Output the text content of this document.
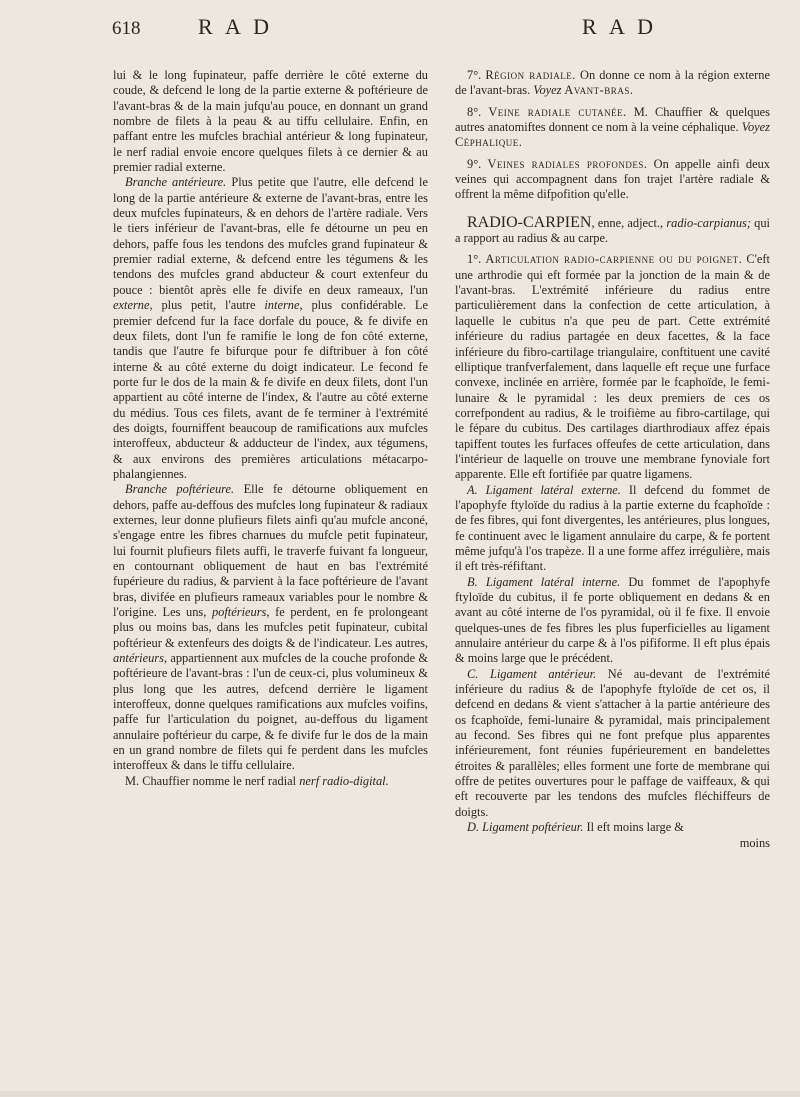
618	R A D	R A D

lui & le long fupinateur, paffe derrière le côté externe du coude, & defcend le long de la partie externe & poftérieure de l'avant-bras & de la main jufqu'au pouce, en donnant un grand nombre de filets à la peau & au tiffu cellulaire. Enfin, en paffant entre les mufcles brachial antérieur & long fupinateur, le nerf radial envoie encore quelques filets à ce dernier & au premier radial externe.

Branche antérieure. Plus petite que l'autre, elle defcend le long de la partie antérieure & externe de l'avant-bras, entre les deux mufcles fupinateurs, & en dehors de l'artère radiale. Vers le tiers inférieur de l'avant-bras, elle fe détourne un peu en dehors, paffe fous les tendons des mufcles grand fupinateur & premier radial externe, & defcend entre les tégumens & les tendons des mufcles grand abducteur & court extenfeur du pouce : bientôt après elle fe divife en deux rameaux, l'un externe, plus petit, l'autre interne, plus confidérable. Le premier defcend fur la face dorfale du pouce, & fe divife en deux filets, dont l'un fe ramifie le long de fon côté externe, tandis que l'autre fe bifurque pour fe diftribuer à fon côté interne & au côté externe du doigt indicateur. Le fecond fe porte fur le dos de la main & fe divife en deux filets, dont l'un appartient au côté interne de l'index, & l'autre au côté externe du médius. Tous ces filets, avant de fe terminer à l'extrémité des doigts, fourniffent beaucoup de ramifications aux mufcles interoffeux, abducteur & adducteur de l'index, aux tégumens, & aux environs des premières articulations métacarpo-phalangiennes.

Branche poftérieure. Elle fe détourne obliquement en dehors, paffe au-deffous des mufcles long fupinateur & radiaux externes, leur donne plufieurs filets ainfi qu'au mufcle anconé, s'engage entre les fibres charnues du mufcle petit fupinateur, lui fournit plufieurs filets auffi, le traverfe fuivant fa longueur, en contournant obliquement de haut en bas l'extrémité fupérieure du radius, & parvient à la face poftérieure de l'avant bras, divifée en plufieurs rameaux variables pour le nombre & l'origine. Les uns, poftérieurs, fe perdent, en fe prolongeant plus ou moins bas, dans les mufcles petit fupinateur, cubital poftérieur & extenfeurs des doigts & de l'indicateur. Les autres, antérieurs, appartiennent aux mufcles de la couche profonde & poftérieure de l'avant-bras : l'un de ceux-ci, plus volumineux & plus long que les autres, defcend derrière le ligament interoffeux, donne quelques ramifications aux mufcles voifins, paffe fur l'articulation du poignet, au-deffous du ligament annulaire poftérieur du carpe, & fe divife fur le dos de la main en un grand nombre de filets qui fe perdent dans les mufcles interoffeux & dans le tiffu cellulaire.

M. Chauffier nomme le nerf radial nerf radio-digital.

7°. Région radiale. On donne ce nom à la région externe de l'avant-bras. Voyez Avant-bras.

8°. Veine radiale cutanée. M. Chauffier & quelques autres anatomiftes donnent ce nom à la veine céphalique. Voyez Céphalique.

9°. Veines radiales profondes. On appelle ainfi deux veines qui accompagnent dans fon trajet l'artère radiale & offrent la même difpofition qu'elle.

RADIO-CARPIEN, enne, adject., radio-carpianus; qui a rapport au radius & au carpe.

1°. Articulation radio-carpienne ou du poignet. C'eft une arthrodie qui eft formée par la jonction de la main & de l'avant-bras. L'extrémité inférieure du radius entre particulièrement dans la confection de cette articulation, à laquelle le cubitus n'a que peu de part. Cette extrémité inférieure du radius partagée en deux facettes, & la face inférieure du fibro-cartilage triangulaire, conftituent une cavité elliptique tranfverfalement, dans laquelle eft reçue une furface convexe, inclinée en arrière, formée par le fcaphoïde, le femi-lunaire & le pyramidal : les deux premiers de ces os correfpondent au radius, & le troifième au fibro-cartilage, qui le fépare du cubitus. Des cartilages diarthrodiaux affez épais tapiffent toutes les furfaces offeufes de cette articulation, dans l'intérieur de laquelle on trouve une membrane fynoviale fort apparente. Elle eft fortifiée par quatre ligamens.

A. Ligament latéral externe. Il defcend du fommet de l'apophyfe ftyloïde du radius à la partie externe du fcaphoïde : de fes fibres, qui font divergentes, les antérieures, plus longues, fe continuent avec le ligament annulaire du carpe, & fe portent même jufqu'à l'os trapèze. Il a une forme affez irrégulière, mais il eft très-réfiftant.

B. Ligament latéral interne. Du fommet de l'apophyfe ftyloïde du cubitus, il fe porte obliquement en dedans & en avant au côté interne de l'os pyramidal, où il fe fixe. Il envoie quelques-unes de fes fibres les plus fuperficielles au ligament annulaire antérieur du carpe & à l'os pififorme. Il eft plus épais & moins large que le précédent.

C. Ligament antérieur. Né au-devant de l'extrémité inférieure du radius & de l'apophyfe ftyloïde de cet os, il defcend en dedans & vient s'attacher à la partie antérieure des os fcaphoïde, femi-lunaire & pyramidal, mais principalement au fecond. Ses fibres qui ne font prefque plus apparentes inférieurement, font réunies fupérieurement en bandelettes étroites & parallèles; elles forment une forte de membrane qui offre de petites ouvertures pour le paffage de vaiffeaux, & qui eft recouverte par les tendons des mufcles fléchiffeurs de doigts.

D. Ligament poftérieur. Il eft moins large &

moins
